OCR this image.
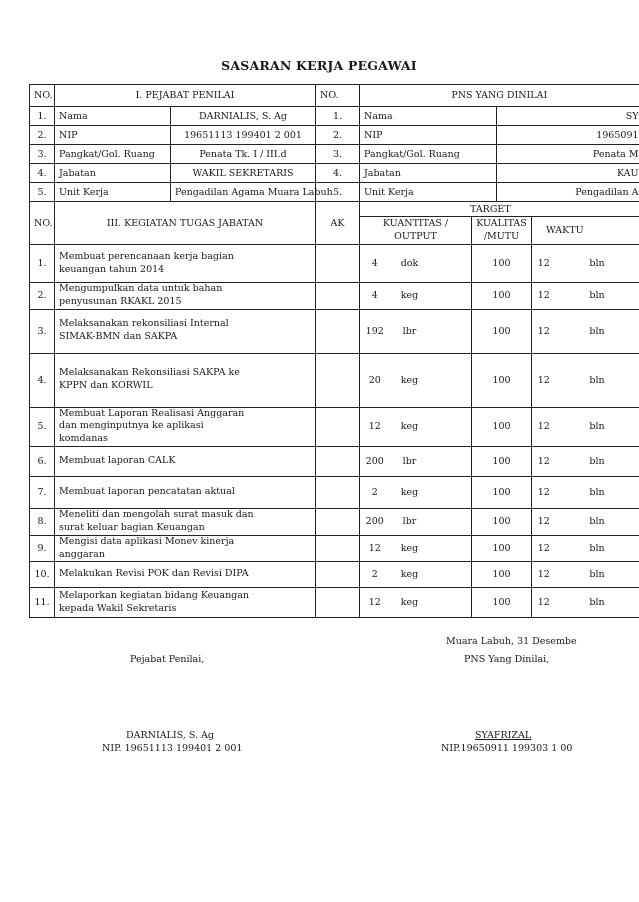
SASARAN KERJA PEGAWAI
NO.	I. PEJABAT PENILAI		NO.	PNS YANG DINILAI							
1.	Nama	DARNIALIS, S. Ag	1.	Nama				SY			
2.	NIP	19651113 199401 2 001	2.	NIP				1965091			
3.	Pangkat/Gol. Ruang	Penata Tk. I / III.d	3.	Pangkat/Gol. Ruang				Penata M			
4.	Jabatan	WAKIL SEKRETARIS	4.	Jabatan				KAU			
5.	Unit Kerja	Pengadilan Agama Muara Labuh	5.	Unit Kerja				Pengadilan A			
NO.	III. KEGIATAN TUGAS JABATAN		AK	TARGET							
				KUANTITAS / OUTPUT			KUALITAS /MUTU		WAKTU		
1.	Membuat perencanaan kerja bagian keuangan tahun 2014			4	dok		100		12	bln	
2.	Mengumpulkan data untuk bahan penyusunan RKAKL 2015			4	keg		100		12	bln	
3.	Melaksanakan rekonsiliasi Internal SIMAK-BMN dan SAKPA			192	lbr		100		12	bln	
4.	Melaksanakan Rekonsiliasi SAKPA ke KPPN dan KORWIL			20	keg		100		12	bln	
5.	Membuat Laporan Realisasi Anggaran dan menginputnya ke aplikasi komdanas			12	keg		100		12	bln	
6.	Membuat laporan CALK			200	lbr		100		12	bln	
7.	Membuat laporan pencatatan aktual			2	keg		100		12	bln	
8.	Meneliti dan mengolah surat masuk dan surat keluar bagian Keuangan			200	lbr		100		12	bln	
9.	Mengisi data aplikasi Monev kinerja anggaran			12	keg		100		12	bln	
10.	Melakukan Revisi POK dan Revisi DIPA			2	keg		100		12	bln	
11.	Melaporkan kegiatan bidang Keuangan kepada Wakil Sekretaris			12	keg		100		12	bln	
Muara Labuh, 31 Desembe
Pejabat Penilai,	PNS Yang Dinilai,
DARNIALIS, S. Ag
NIP. 19651113 199401 2 001
SYAFRIZAL
NIP.19650911 199303 1 00
